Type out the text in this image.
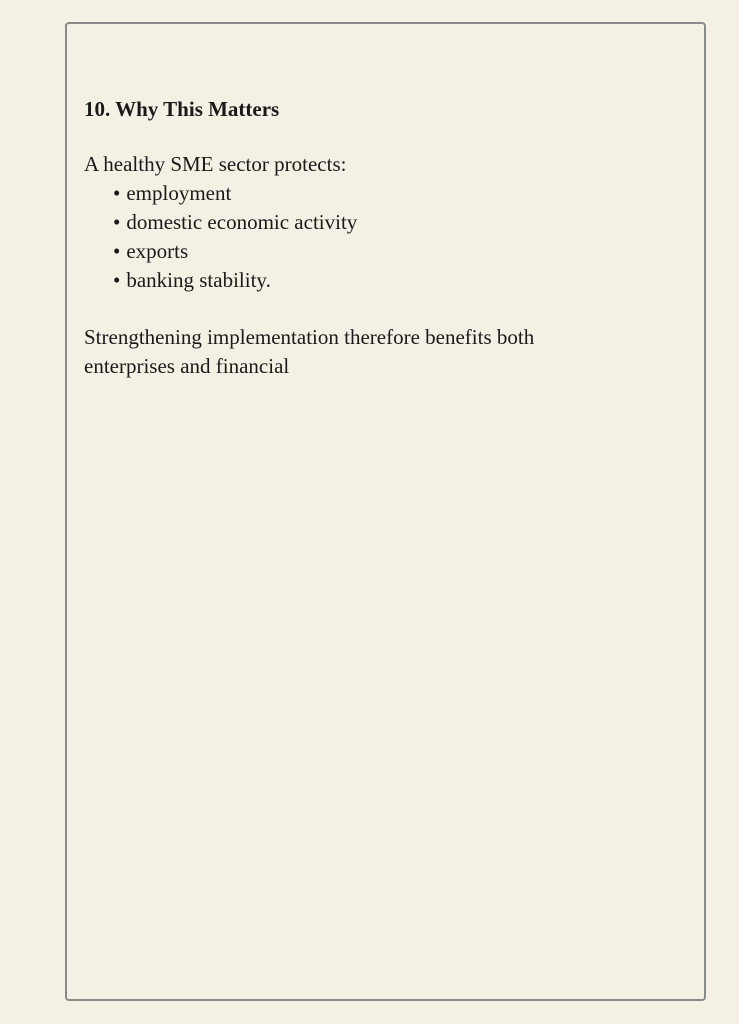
10. Why This Matters

A healthy SME sector protects:

• employment
• domestic economic activity
• exports
• banking stability.

Strengthening implementation therefore benefits both enterprises and financial
